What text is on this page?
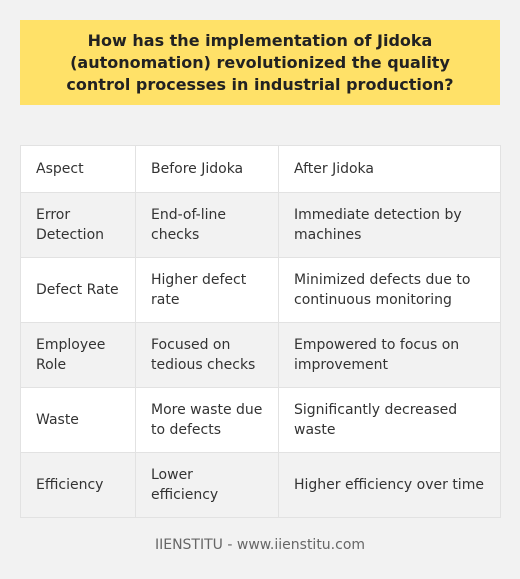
How has the implementation of Jidoka (autonomation) revolutionized the quality control processes in industrial production?
Aspect	Before Jidoka	After Jidoka
Error Detection	End-of-line checks	Immediate detection by machines
Defect Rate	Higher defect rate	Minimized defects due to continuous monitoring
Employee Role	Focused on tedious checks	Empowered to focus on improvement
Waste	More waste due to defects	Significantly decreased waste
Efficiency	Lower efficiency	Higher efficiency over time
IIENSTITU - www.iienstitu.com
